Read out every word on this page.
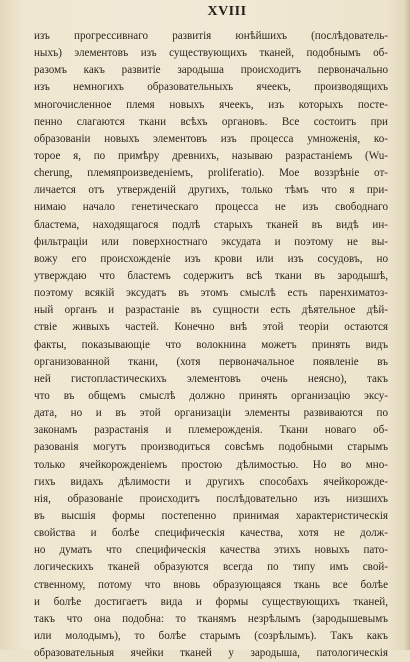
XVIII
изъ прогрессивнаго развитія юнѣйшихъ (послѣдователь-
ныхъ) элементовъ изъ существующихъ тканей, подобнымъ об-
разомъ какъ развитіе зародыша происходитъ первоначально
изъ немногихъ образовательныхъ ячеекъ, производящихъ
многочисленное племя новыхъ ячеекъ, изъ которыхъ посте-
пенно слагаются ткани всѣхъ органовъ. Все состоитъ при
образованіи новыхъ элементовъ изъ процесса умноженія, ко-
торое я, по примѣру древнихъ, называю разрастаніемъ (Wu-
cherung, племяпроизведеніемъ, proliferatio). Мое воззрѣніе от-
личается отъ утвержденій другихъ, только тѣмъ что я при-
нимаю начало генетическаго процесса не изъ свободнаго
бластема, находящагося подлѣ старыхъ тканей въ видѣ ин-
фильтраціи или поверхностнаго эксудата и поэтому не вы-
вожу его происхожденіе изъ крови или изъ сосудовъ, но
утверждаю что бластемъ содержитъ всѣ ткани въ зародышѣ,
поэтому всякій эксудатъ въ этомъ смыслѣ есть паренхиматоз-
ный органъ и разрастаніе въ сущности есть дѣятельное дѣй-
ствіе живыхъ частей. Конечно внѣ этой теоріи остаются
факты, показывающіе что волокнина можетъ принять видъ
организованной ткани, (хотя первоначальное появленіе въ
ней гистопластическихъ элементовъ очень неясно), такъ
что въ общемъ смыслѣ должно принять организацію эксу-
дата, но и въ этой организаціи элементы развиваются по
законамъ разрастанія и племерожденія. Ткани новаго об-
разованія могутъ производиться совсѣмъ подобными старымъ
только ячейкорожденіемъ простою дѣлимостью. Но во мно-
гихъ видахъ дѣлимости и другихъ способахъ ячейкорожде-
нія, образованіе происходитъ послѣдовательно изъ низшихъ
въ высшія формы постепенно принимая характеристическія
свойства и болѣе специфическія качества, хотя не долж-
но думать что специфическія качества этихъ новыхъ пато-
логическихъ тканей образуются всегда по типу имъ свой-
ственному, потому что вновь образующаяся ткань все болѣе
и болѣе достигаетъ вида и формы существующихъ тканей,
такъ что она подобна: то тканямъ незрѣлымъ (зародышевымъ
или молодымъ), то болѣе старымъ (созрѣлымъ). Такъ какъ
образовательныя ячейки тканей у зародыша, патологическія
